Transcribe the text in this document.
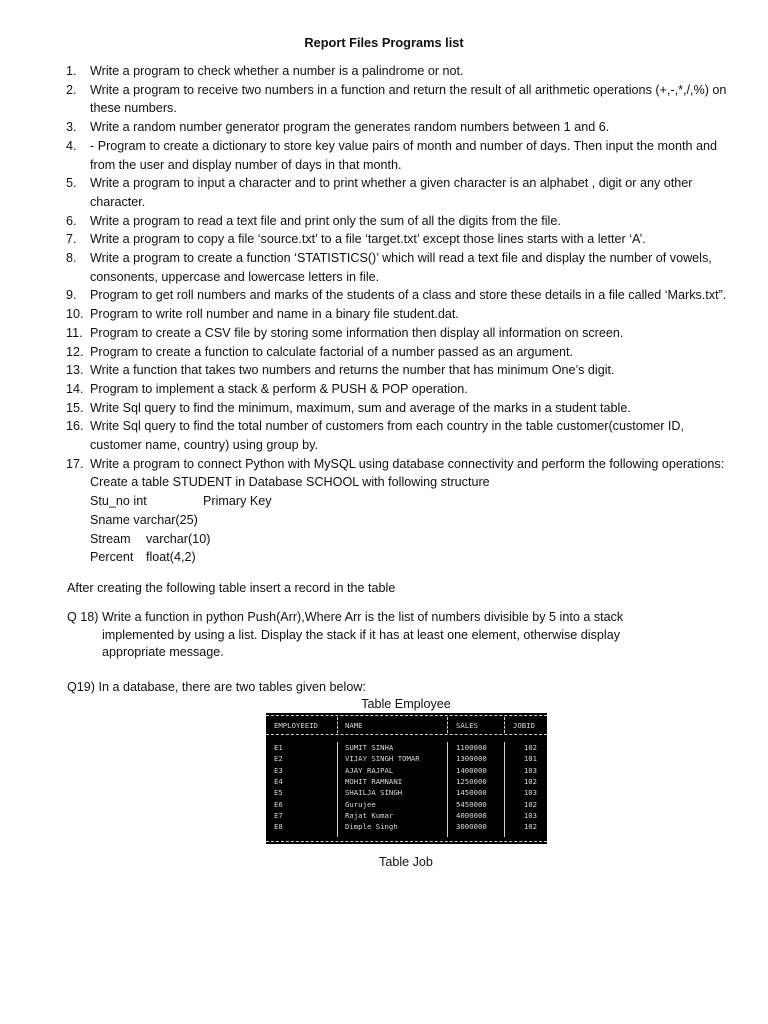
Report Files Programs list
1. Write a program to check whether a number is a palindrome or not.
2. Write a program to receive two numbers in a function and return the result of all arithmetic operations (+,-,*,/,%) on
these numbers.
3. Write a random number generator program the generates random numbers between 1 and 6.
4. - Program to create a dictionary to store key value pairs of month and number of days. Then input the month and
from the user and display number of days in that month.
5. Write a program to input a character and to print whether a given character is an alphabet , digit or any other
character.
6. Write a program to read a text file and print only the sum of all the digits from the file.
7. Write a program to copy a file ‘source.txt’ to a file ‘target.txt’ except those lines starts with a letter ‘A’.
8. Write a program to create a function ‘STATISTICS()’ which will read a text file and display the number of vowels,
consonents, uppercase and lowercase letters in file.
9. Program to get roll numbers and marks of the students of a class and store these details in a file called ‘Marks.txt”.
10. Program to write roll number and name in a binary file student.dat.
11. Program to create a CSV file by storing some information then display all information on screen.
12. Program to create a function to calculate factorial of a number passed as an argument.
13. Write a function that takes two numbers and returns the number that has minimum One’s digit.
14. Program to implement a stack & perform & PUSH & POP operation.
15. Write Sql query to find the minimum, maximum, sum and average of the marks in a student table.
16. Write Sql query to find the total number of customers from each country in the table customer(customer ID,
customer name, country) using group by.
17. Write a program to connect Python with MySQL using database connectivity and perform the following operations:
Create a table STUDENT in Database SCHOOL with following structure
Stu_no int	Primary Key
Sname varchar(25)
Stream varchar(10)
Percent float(4,2)
After creating the following table insert a record in the table
Q 18) Write a function in python Push(Arr),Where Arr is the list of numbers divisible by 5 into a stack
implemented by using a list. Display the stack if it has at least one element, otherwise display
appropriate message.
Q19) In a database, there are two tables given below:
Table Employee
EMPLOYEEID	NAME	SALES	JOBID
E1	SUMIT SINHA	1100000	102
E2	VIJAY SINGH TOMAR	1300000	101
E3	AJAY RAJPAL	1400000	103
E4	MOHIT RAMNANI	1250000	102
E5	SHAILJA SINGH	1450000	103
E6	Gurujee	5450000	102
E7	Rajat Kumar	4000000	103
E8	Dimple Singh	3000000	102
Table Job
